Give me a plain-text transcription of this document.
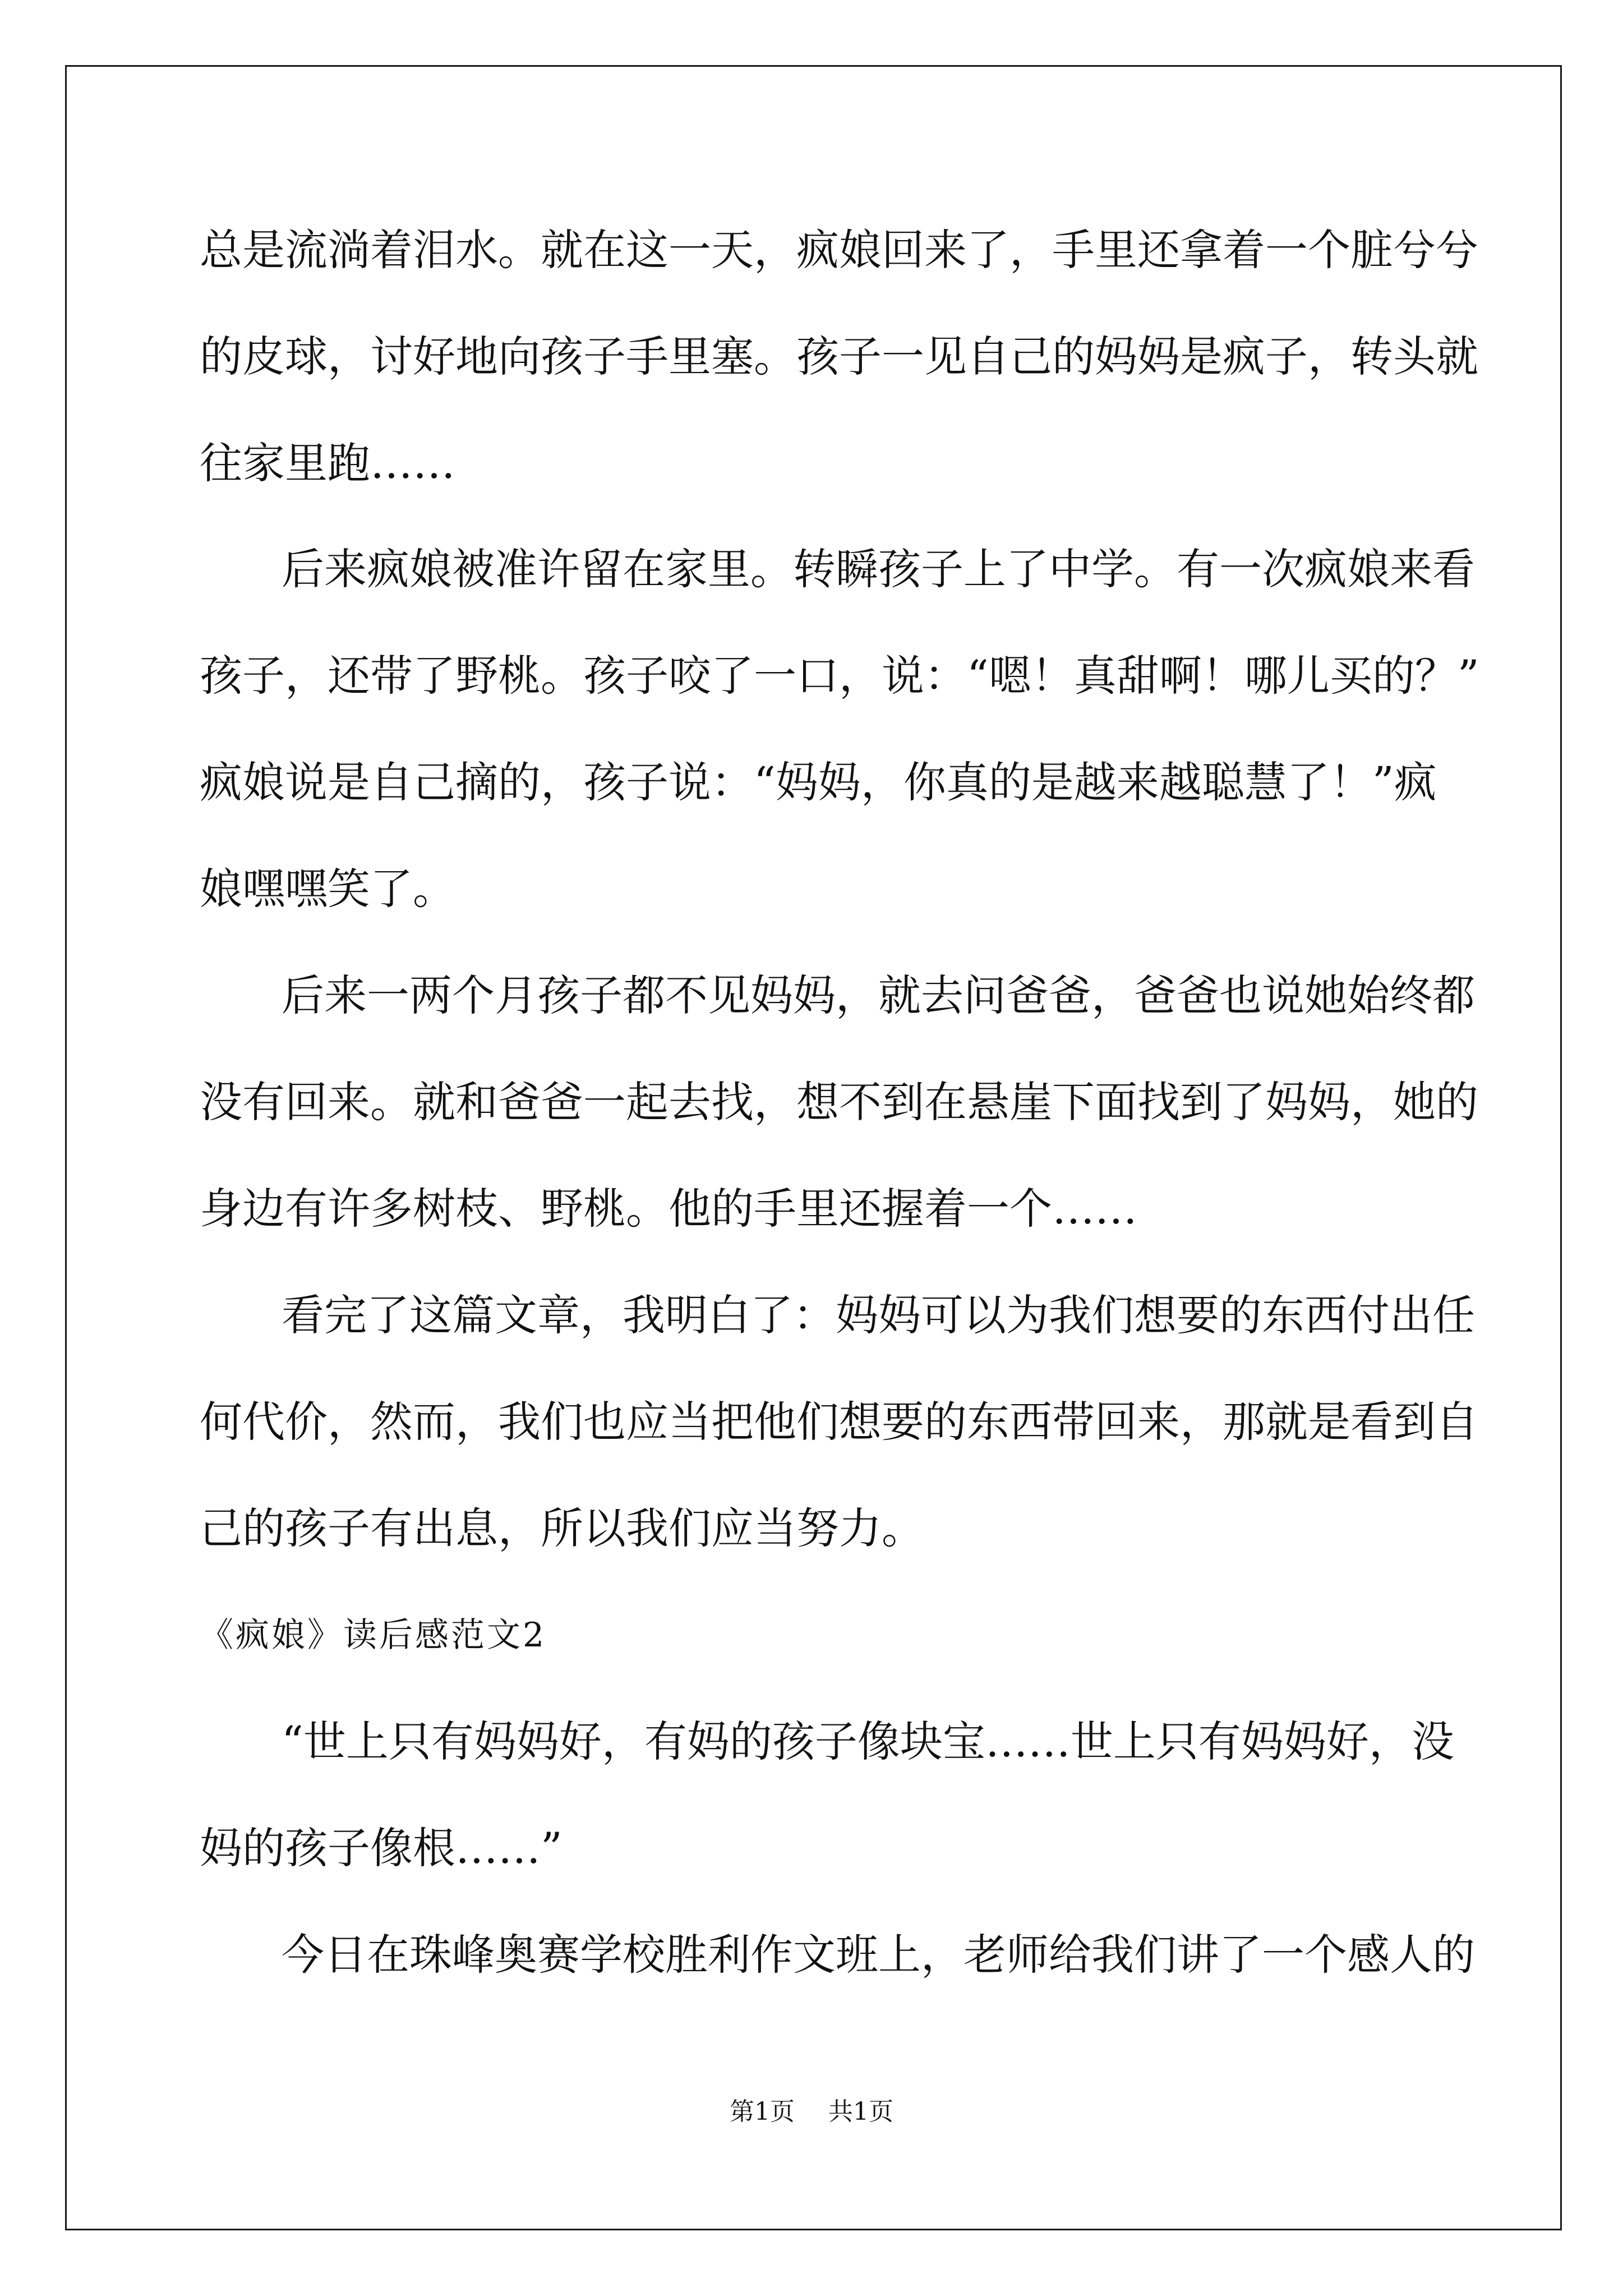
总是流淌着泪水。就在这一天，疯娘回来了，手里还拿着一个脏兮兮
的皮球，讨好地向孩子手里塞。孩子一见自己的妈妈是疯子，转头就
往家里跑……
后来疯娘被准许留在家里。转瞬孩子上了中学。有一次疯娘来看
孩子，还带了野桃。孩子咬了一口，说：“嗯！真甜啊！哪儿买的？”
疯娘说是自己摘的，孩子说：“妈妈，你真的是越来越聪慧了！”疯
娘嘿嘿笑了。
后来一两个月孩子都不见妈妈，就去问爸爸，爸爸也说她始终都
没有回来。就和爸爸一起去找，想不到在悬崖下面找到了妈妈，她的
身边有许多树枝、野桃。他的手里还握着一个……
看完了这篇文章，我明白了：妈妈可以为我们想要的东西付出任
何代价，然而，我们也应当把他们想要的东西带回来，那就是看到自
己的孩子有出息，所以我们应当努力。
《疯娘》读后感范文2
“世上只有妈妈好，有妈的孩子像块宝……世上只有妈妈好，没
妈的孩子像根……”
今日在珠峰奥赛学校胜利作文班上，老师给我们讲了一个感人的
第1页 共1页
